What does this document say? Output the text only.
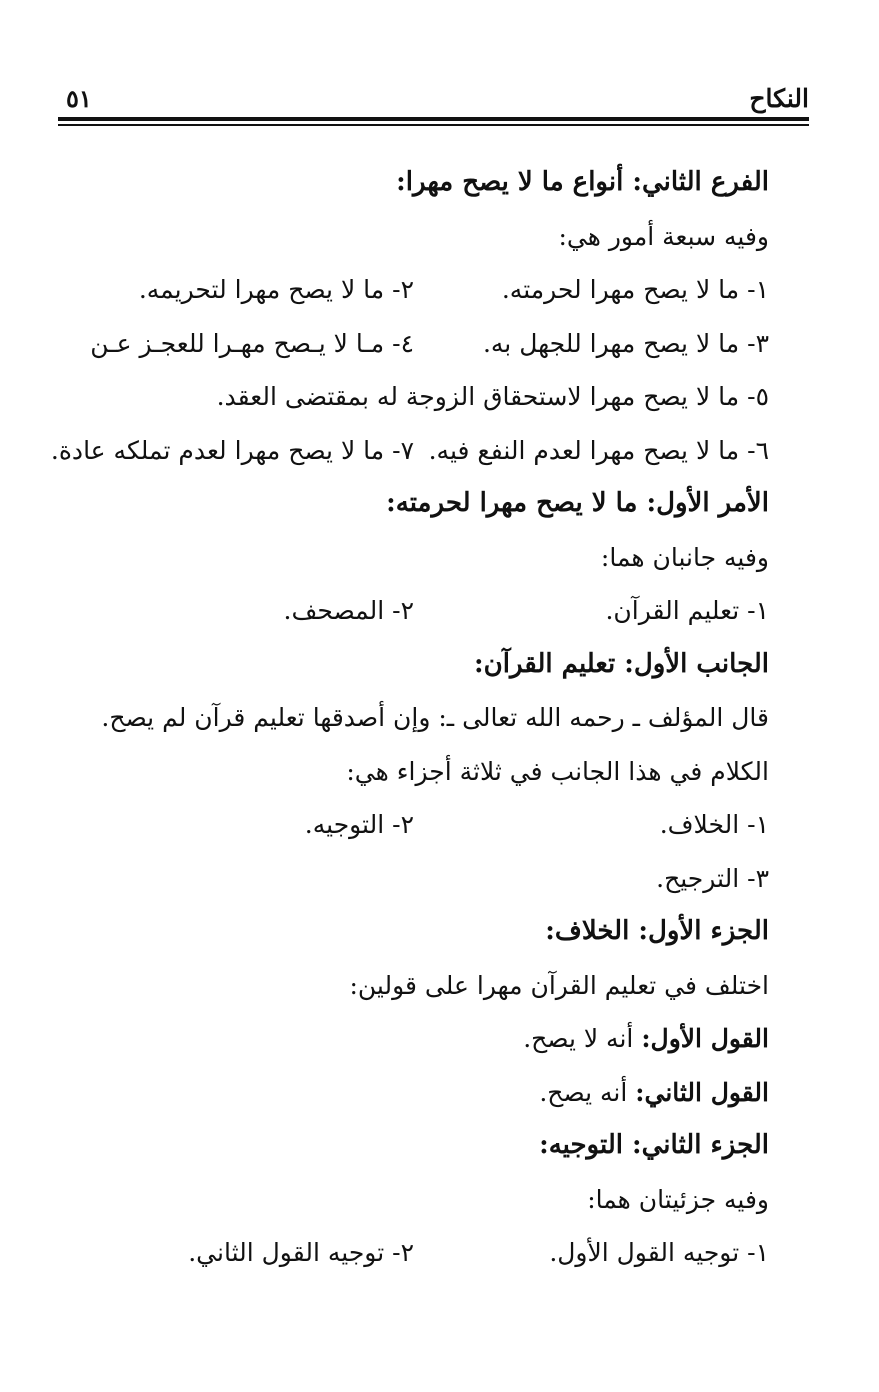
النكاح
٥١
الفرع الثاني: أنواع ما لا يصح مهرا:
وفيه سبعة أمور هي:
١- ما لا يصح مهرا لحرمته.
٢- ما لا يصح مهرا لتحريمه.
٣- ما لا يصح مهرا للجهل به.
٤- مـا لا يـصح مهـرا للعجـز عـن
٥- ما لا يصح مهرا لاستحقاق الزوجة له بمقتضى العقد.
٦- ما لا يصح مهرا لعدم النفع فيه.
٧- ما لا يصح مهرا لعدم تملكه عادة.
الأمر الأول: ما لا يصح مهرا لحرمته:
وفيه جانبان هما:
١- تعليم القرآن.
٢- المصحف.
الجانب الأول: تعليم القرآن:
قال المؤلف ـ رحمه الله تعالى ـ: وإن أصدقها تعليم قرآن لم يصح.
الكلام في هذا الجانب في ثلاثة أجزاء هي:
١- الخلاف.
٢- التوجيه.
٣- الترجيح.
الجزء الأول: الخلاف:
اختلف في تعليم القرآن مهرا على قولين:
القول الأول: أنه لا يصح.
القول الثاني: أنه يصح.
الجزء الثاني: التوجيه:
وفيه جزئيتان هما:
١- توجيه القول الأول.
٢- توجيه القول الثاني.
